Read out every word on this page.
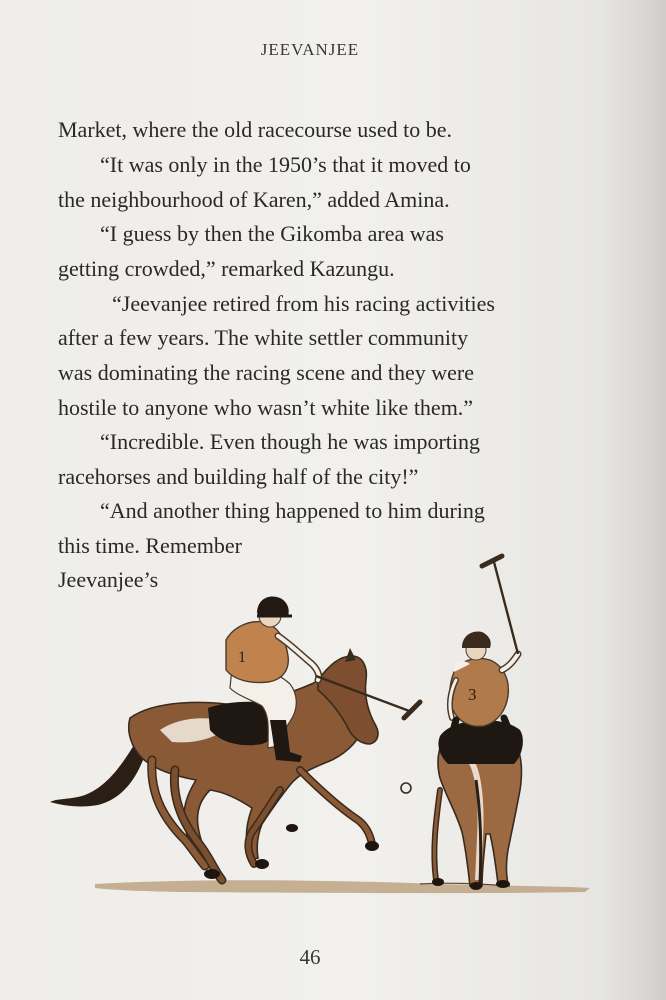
JEEVANJEE
Market, where the old racecourse used to be.
“It was only in the 1950’s that it moved to
the neighbourhood of Karen,” added Amina.
“I guess by then the Gikomba area was
getting crowded,” remarked Kazungu.
“Jeevanjee retired from his racing activities
after a few years. The white settler community
was dominating the racing scene and they were
hostile to anyone who wasn’t white like them.”
“Incredible. Even though he was importing
racehorses and building half of the city!”
“And another thing happened to him during
this time. Remember
Jeevanjee’s
1
3
46
